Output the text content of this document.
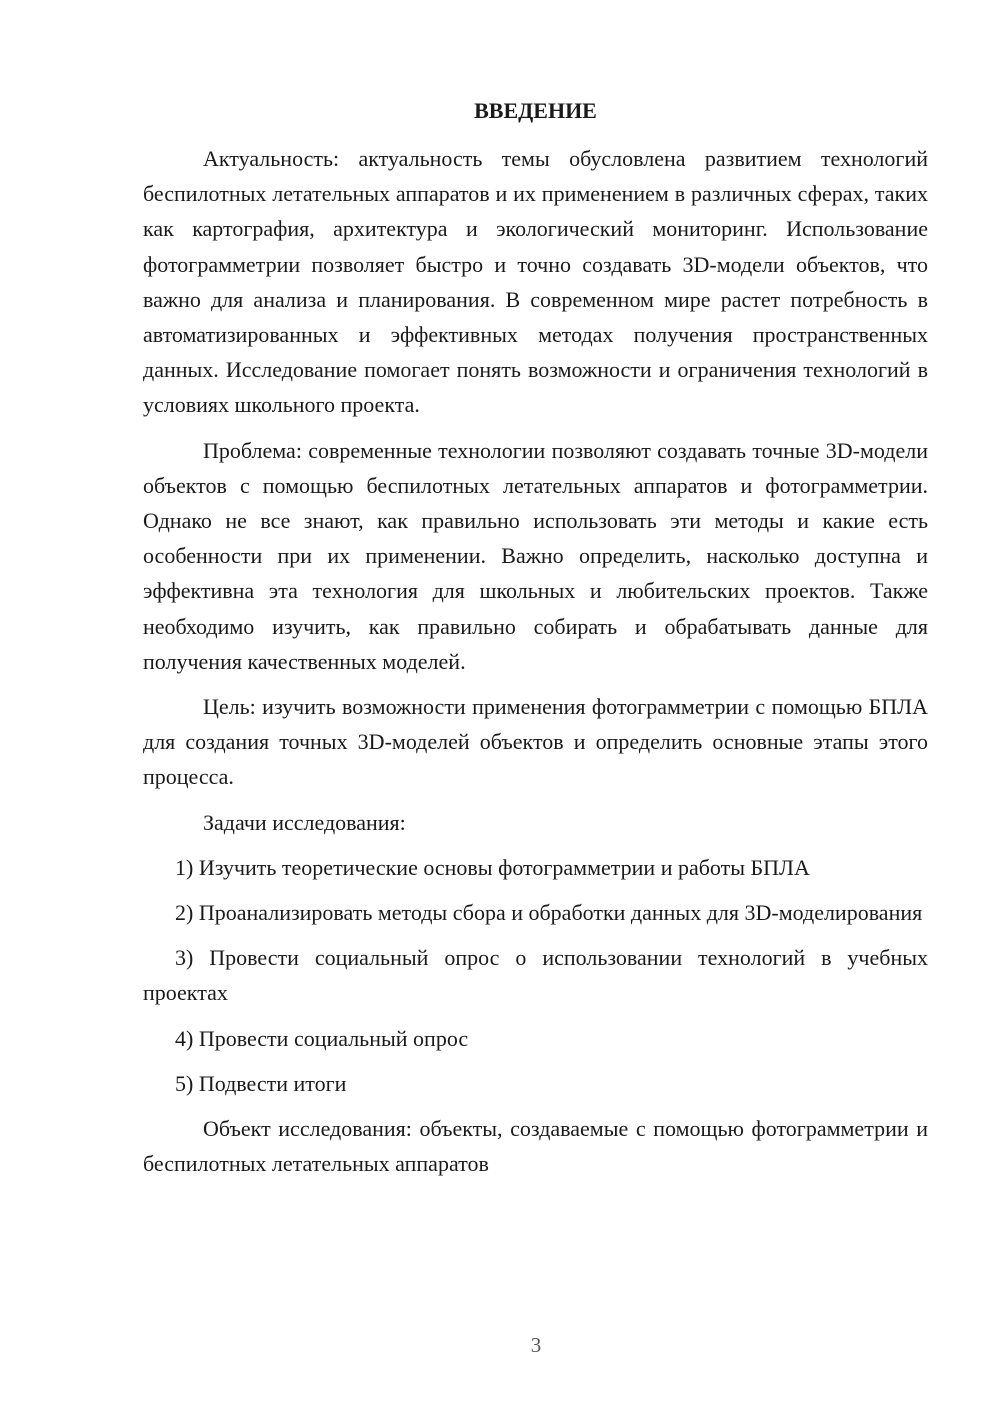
ВВЕДЕНИЕ

Актуальность: актуальность темы обусловлена развитием технологий беспилотных летательных аппаратов и их применением в различных сферах, таких как картография, архитектура и экологический мониторинг. Использование фотограмметрии позволяет быстро и точно создавать 3D-модели объектов, что важно для анализа и планирования. В современном мире растет потребность в автоматизированных и эффективных методах получения пространственных данных. Исследование помогает понять возможности и ограничения технологий в условиях школьного проекта.

Проблема: современные технологии позволяют создавать точные 3D-модели объектов с помощью беспилотных летательных аппаратов и фотограмметрии. Однако не все знают, как правильно использовать эти методы и какие есть особенности при их применении. Важно определить, насколько доступна и эффективна эта технология для школьных и любительских проектов. Также необходимо изучить, как правильно собирать и обрабатывать данные для получения качественных моделей.

Цель: изучить возможности применения фотограмметрии с помощью БПЛА для создания точных 3D-моделей объектов и определить основные этапы этого процесса.

Задачи исследования:

1) Изучить теоретические основы фотограмметрии и работы БПЛА

2) Проанализировать методы сбора и обработки данных для 3D-моделирования

3) Провести социальный опрос о использовании технологий в учебных проектах

4) Провести социальный опрос

5) Подвести итоги

Объект исследования: объекты, создаваемые с помощью фотограмметрии и беспилотных летательных аппаратов

3
